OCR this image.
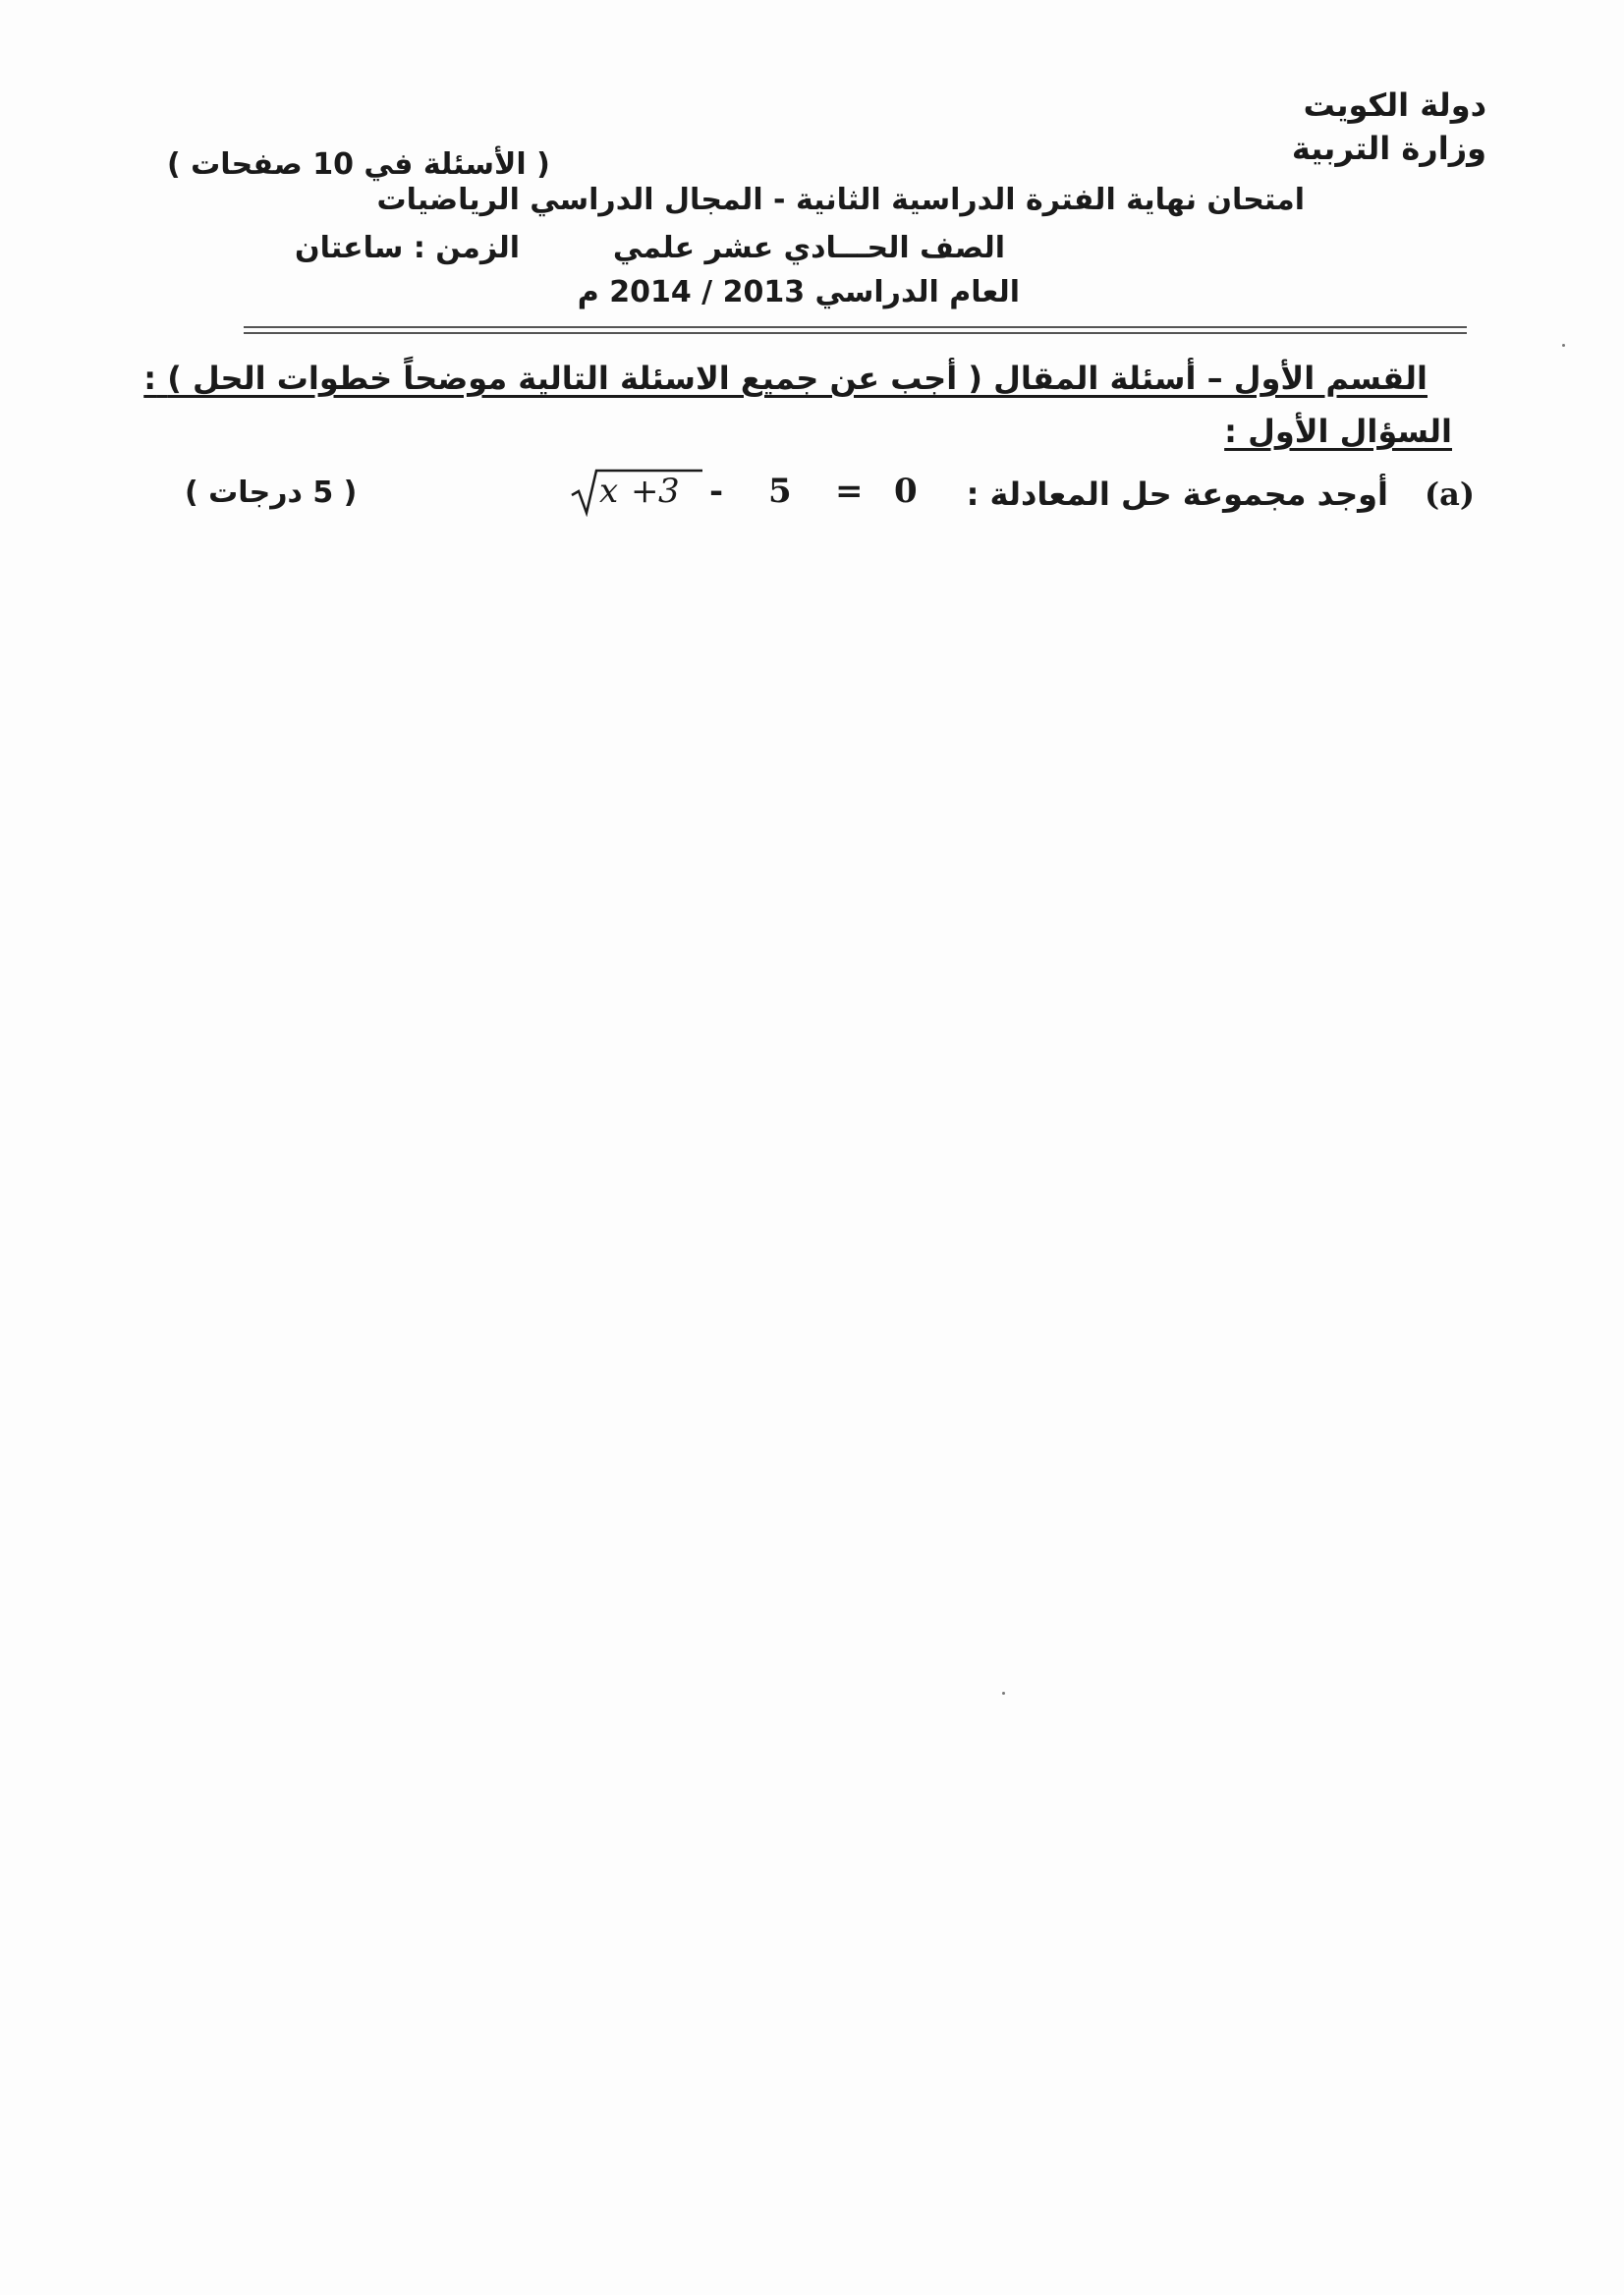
دولة الكويت
وزارة التربية
( الأسئلة في 10 صفحات )
امتحان نهاية الفترة الدراسية الثانية - المجال الدراسي الرياضيات
الصف الحـــادي عشر علمي
الزمن : ساعتان
العام الدراسي 2013 / 2014 م
القسم الأول – أسئلة المقال ( أجب عن جميع الاسئلة التالية موضحاً خطوات الحل ) :
السؤال الأول :
(a)
أوجد مجموعة حل المعادلة :
x + 3 - 5 = 0
( 5 درجات )
